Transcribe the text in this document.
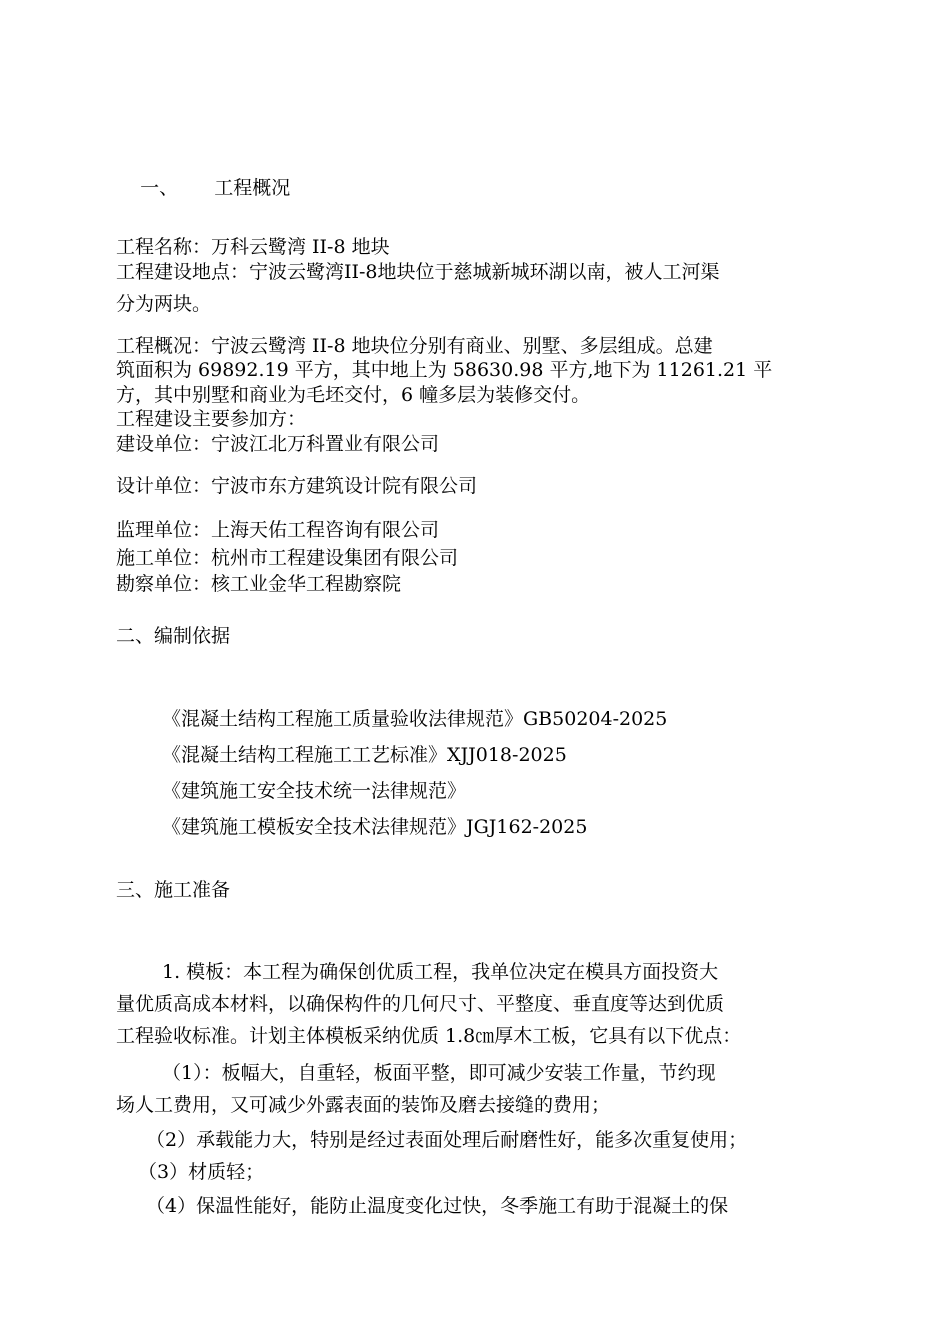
一、 工程概况

工程名称：万科云鹭湾 II-8 地块

工程建设地点：宁波云鹭湾II-8地块位于慈城新城环湖以南，被人工河渠

分为两块。

工程概况：宁波云鹭湾 II-8 地块位分别有商业、别墅、多层组成。总建

筑面积为 69892.19 平方，其中地上为 58630.98 平方,地下为 11261.21 平

方，其中别墅和商业为毛坯交付，6 幢多层为装修交付。

工程建设主要参加方：

建设单位：宁波江北万科置业有限公司

设计单位：宁波市东方建筑设计院有限公司

监理单位：上海天佑工程咨询有限公司

施工单位：杭州市工程建设集团有限公司

勘察单位：核工业金华工程勘察院

二、编制依据

《混凝土结构工程施工质量验收法律规范》GB50204-2025

《混凝土结构工程施工工艺标准》XJJ018-2025

《建筑施工安全技术统一法律规范》

《建筑施工模板安全技术法律规范》JGJ162-2025

三、施工准备

1. 模板：本工程为确保创优质工程，我单位决定在模具方面投资大

量优质高成本材料，以确保构件的几何尺寸、平整度、垂直度等达到优质

工程验收标准。计划主体模板采纳优质 1.8㎝厚木工板，它具有以下优点：

（1）：板幅大，自重轻，板面平整，即可减少安装工作量，节约现

场人工费用，又可减少外露表面的装饰及磨去接缝的费用；

（2）承载能力大，特别是经过表面处理后耐磨性好，能多次重复使用；

（3）材质轻；

（4）保温性能好，能防止温度变化过快，冬季施工有助于混凝土的保
